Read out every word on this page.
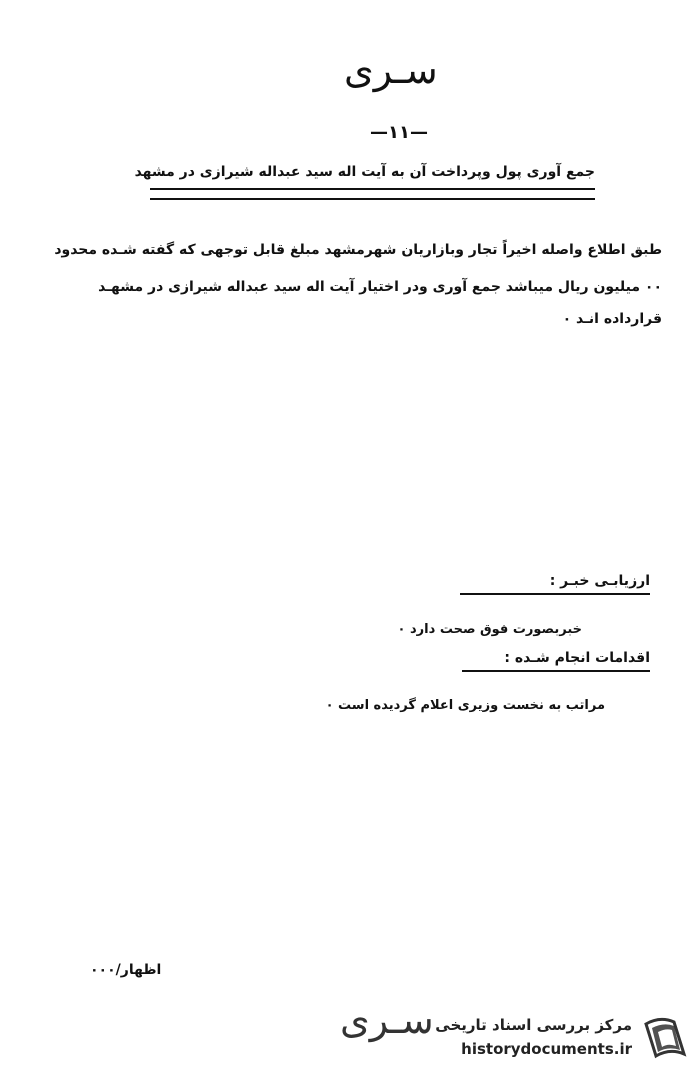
سـری
—۱۱—
جمع آوری پول وپرداخت آن به آیت اله سید عبداله شیرازی در مشهد
طبق اطلاع واصله اخیراً تجار وبازاریان شهرمشهد مبلغ قابل توجهی که گفته شـده محدود
۰۰ میلیون ریال میباشد جمع آوری ودر اختیار آیت اله سید عبداله شیرازی در مشهـد
قرارداده انـد ۰
ارزیابـی خبـر :
خبربصورت فوق صحت دارد ۰
اقدامات انجام شـده :
مراتب به نخست وزیری اعلام گردیده است ۰
اظهار/۰۰۰
سـری مرکز بررسی اسناد تاریخی
historydocuments.ir
